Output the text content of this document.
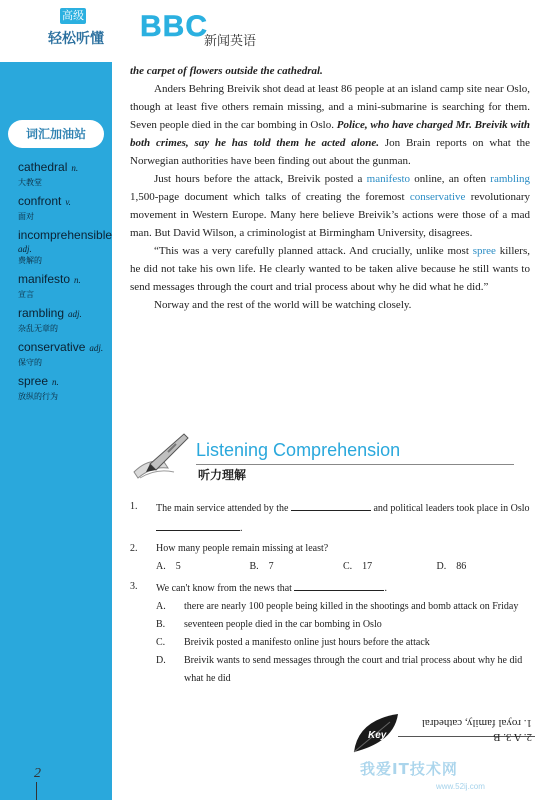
高级
轻松听懂 BBC
新闻英语
词汇加油站
cathedral n.
大教堂
confront v.
面对
incomprehensible
adj.
费解的
manifesto n.
宣言
rambling adj.
杂乱无章的
conservative adj.
保守的
spree n.
放纵的行为

the carpet of flowers outside the cathedral.

Anders Behring Breivik shot dead at least 86 people at an island camp site near Oslo, though at least five others remain missing, and a mini-submarine is searching for them. Seven people died in the car bombing in Oslo. Police, who have charged Mr. Breivik with both crimes, say he has told them he acted alone. Jon Brain reports on what the Norwegian authorities have been finding out about the gunman.

Just hours before the attack, Breivik posted a manifesto online, an often rambling 1,500-page document which talks of creating the foremost conservative revolutionary movement in Western Europe. Many here believe Breivik’s actions were those of a mad man. But David Wilson, a criminologist at Birmingham University, disagrees.

“This was a very carefully planned attack. And crucially, unlike most spree killers, he did not take his own life. He clearly wanted to be taken alive because he still wants to send messages through the court and trial process about why he did what he did.”

Norway and the rest of the world will be watching closely.

Listening Comprehension
听力理解
1. The main service attended by the	and political leaders took place in Oslo .
2. How many people remain missing at least?
A. 5	B. 7	C. 17	D. 86
3. We can't know from the news that	.
A. there are nearly 100 people being killed in the shootings and bomb attack on Friday
B. seventeen people died in the car bombing in Oslo
C. Breivik posted a manifesto online just hours before the attack
D. Breivik wants to send messages through the court and trial process about why he did what he did
Key	2. A 3. B
1. royal family, cathedral
2	我爱IT技术网
www.52ij.com
